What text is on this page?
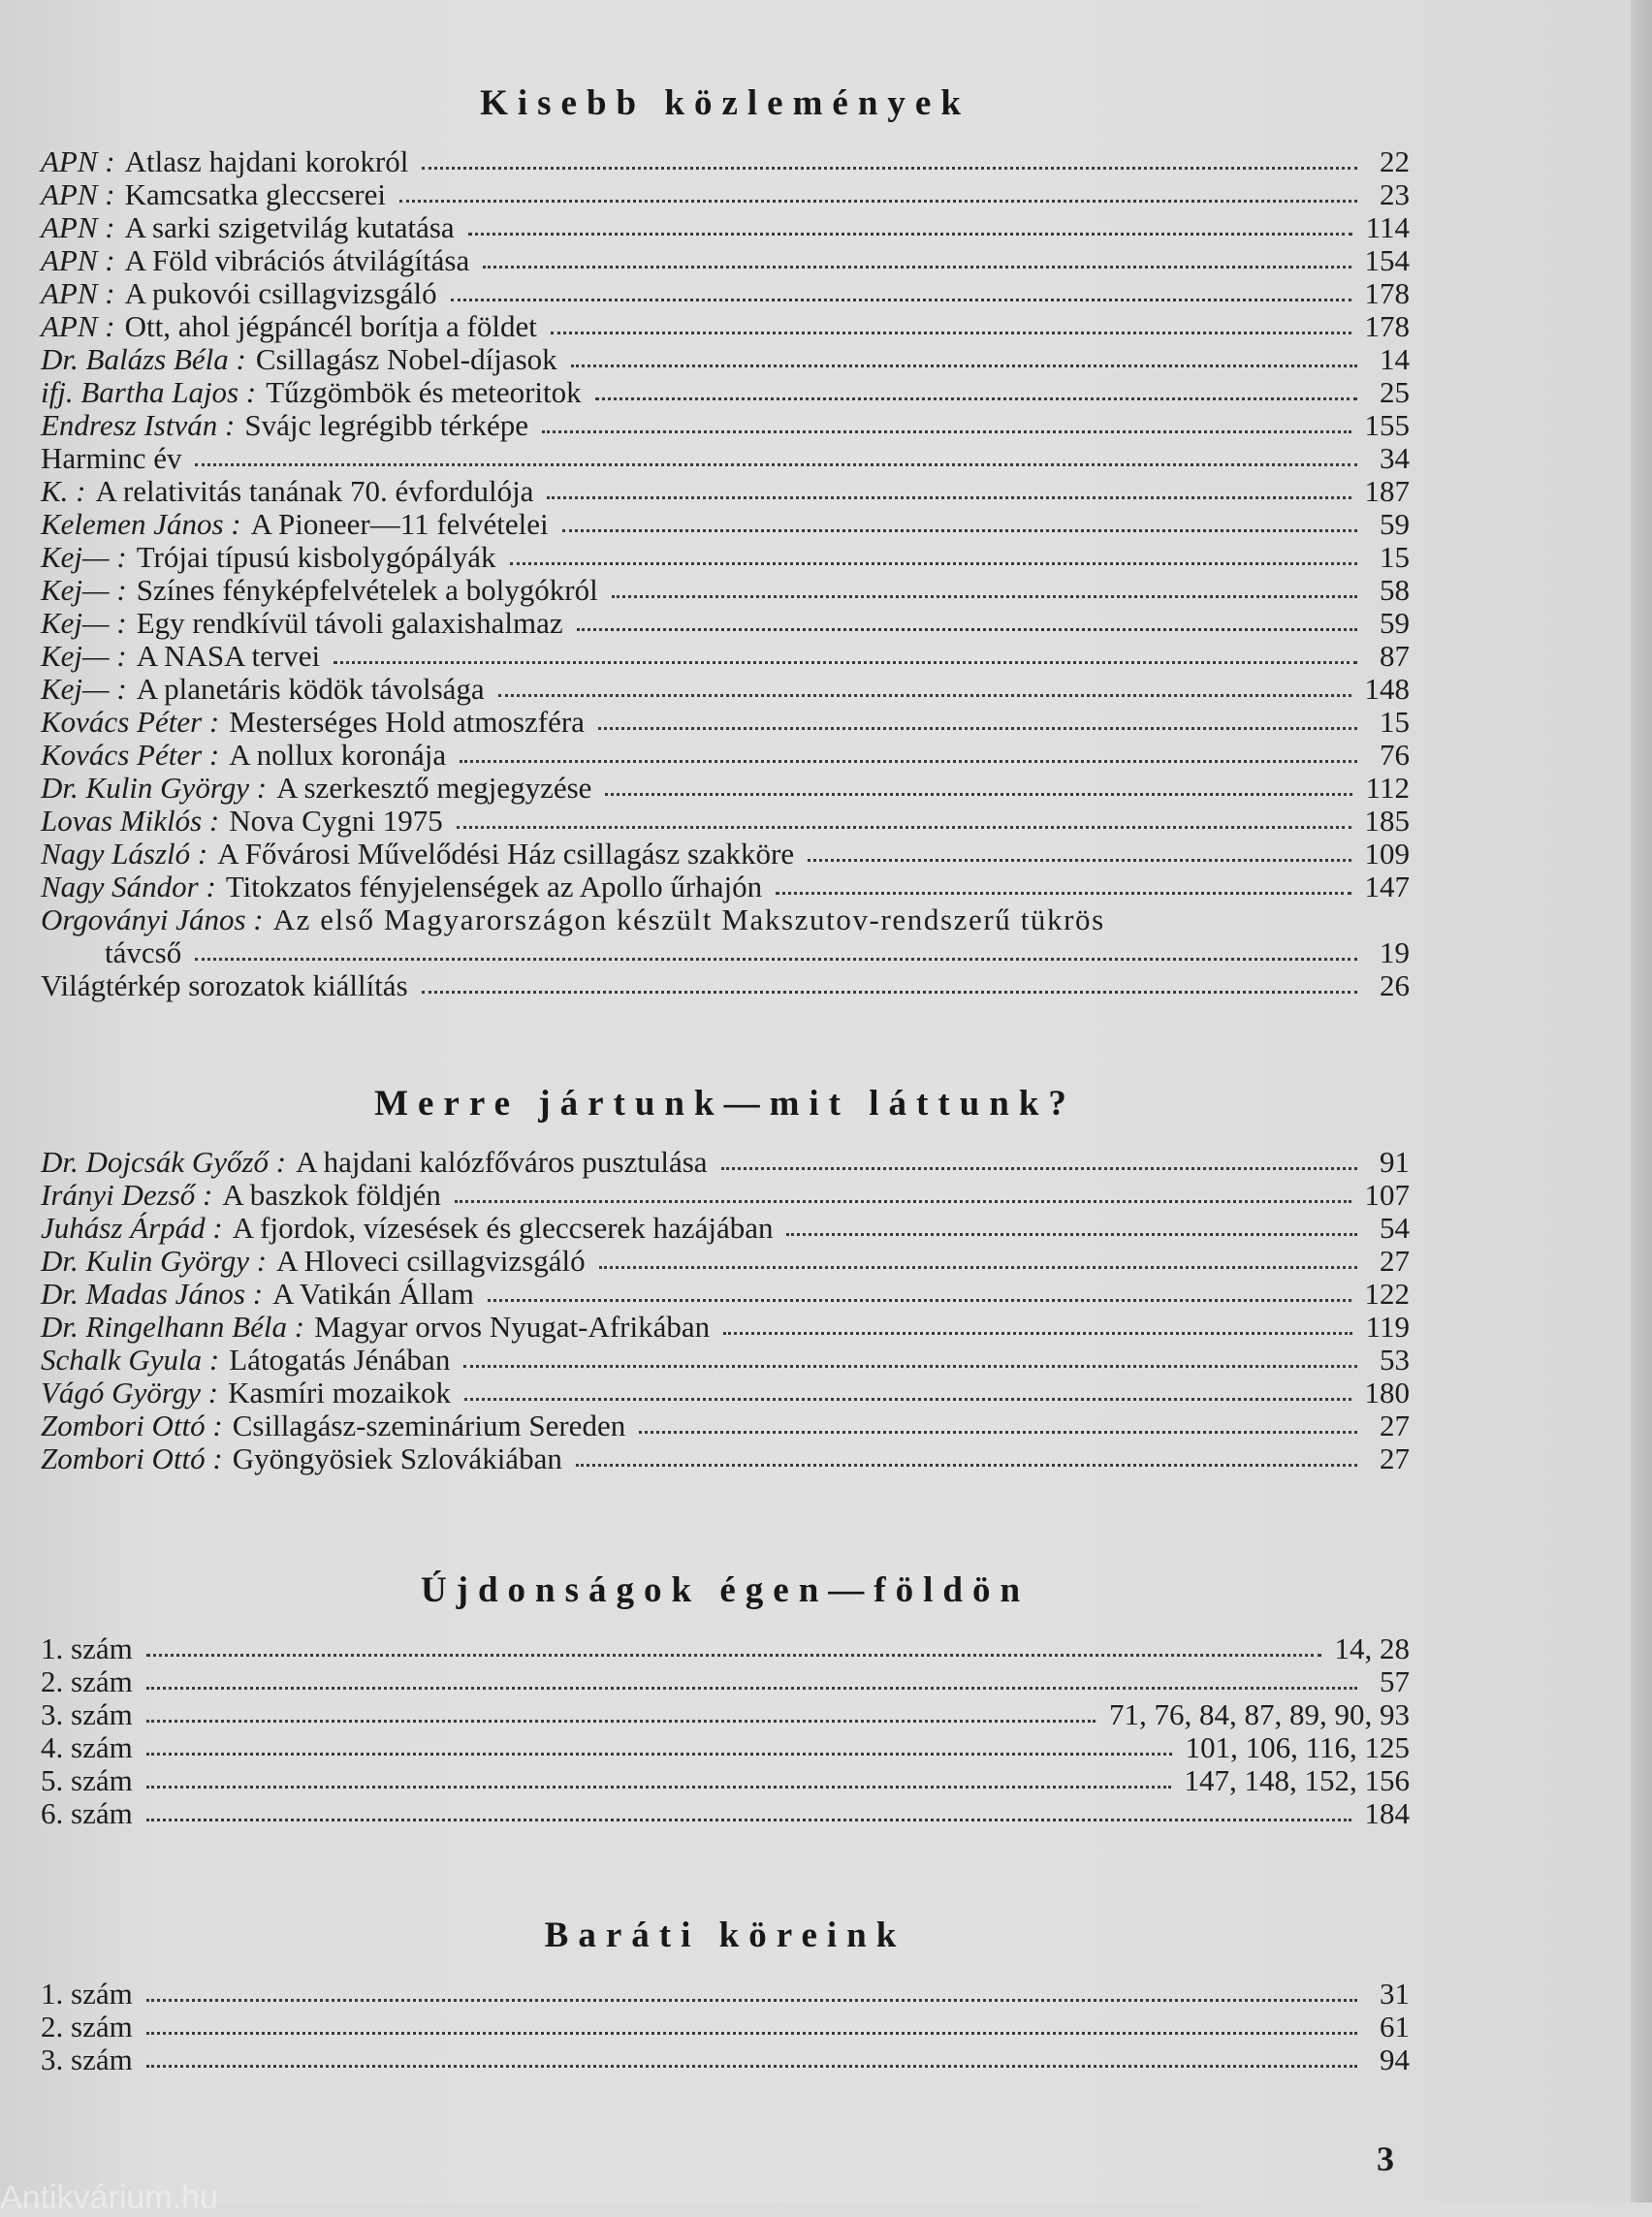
Kisebb közlemények
APN : Atlasz hajdani korokról	22
APN : Kamcsatka gleccserei	23
APN : A sarki szigetvilág kutatása	114
APN : A Föld vibrációs átvilágítása	154
APN : A pukovói csillagvizsgáló	178
APN : Ott, ahol jégpáncél borítja a földet	178
Dr. Balázs Béla : Csillagász Nobel-díjasok	14
ifj. Bartha Lajos : Tűzgömbök és meteoritok	25
Endresz István : Svájc legrégibb térképe	155
Harminc év	34
K. : A relativitás tanának 70. évfordulója	187
Kelemen János : A Pioneer—11 felvételei	59
Kej— : Trójai típusú kisbolygópályák	15
Kej— : Színes fényképfelvételek a bolygókról	58
Kej— : Egy rendkívül távoli galaxishalmaz	59
Kej— : A NASA tervei	87
Kej— : A planetáris ködök távolsága	148
Kovács Péter : Mesterséges Hold atmoszféra	15
Kovács Péter : A nollux koronája	76
Dr. Kulin György : A szerkesztő megjegyzése	112
Lovas Miklós : Nova Cygni 1975	185
Nagy László : A Fővárosi Művelődési Ház csillagász szakköre	109
Nagy Sándor : Titokzatos fényjelenségek az Apollo űrhajón	147
Orgoványi János : Az első Magyarországon készült Makszutov-rendszerű tükrös
távcső	19
Világtérkép sorozatok kiállítás	26
Merre jártunk—mit láttunk?
Dr. Dojcsák Győző : A hajdani kalózfőváros pusztulása	91
Irányi Dezső : A baszkok földjén	107
Juhász Árpád : A fjordok, vízesések és gleccserek hazájában	54
Dr. Kulin György : A Hloveci csillagvizsgáló	27
Dr. Madas János : A Vatikán Állam	122
Dr. Ringelhann Béla : Magyar orvos Nyugat-Afrikában	119
Schalk Gyula : Látogatás Jénában	53
Vágó György : Kasmíri mozaikok	180
Zombori Ottó : Csillagász-szeminárium Sereden	27
Zombori Ottó : Gyöngyösiek Szlovákiában	27
Újdonságok égen—földön
1. szám	14, 28
2. szám	57
3. szám	71, 76, 84, 87, 89, 90, 93
4. szám	101, 106, 116, 125
5. szám	147, 148, 152, 156
6. szám	184
Baráti köreink
1. szám	31
2. szám	61
3. szám	94
3
Antikvárium.hu
